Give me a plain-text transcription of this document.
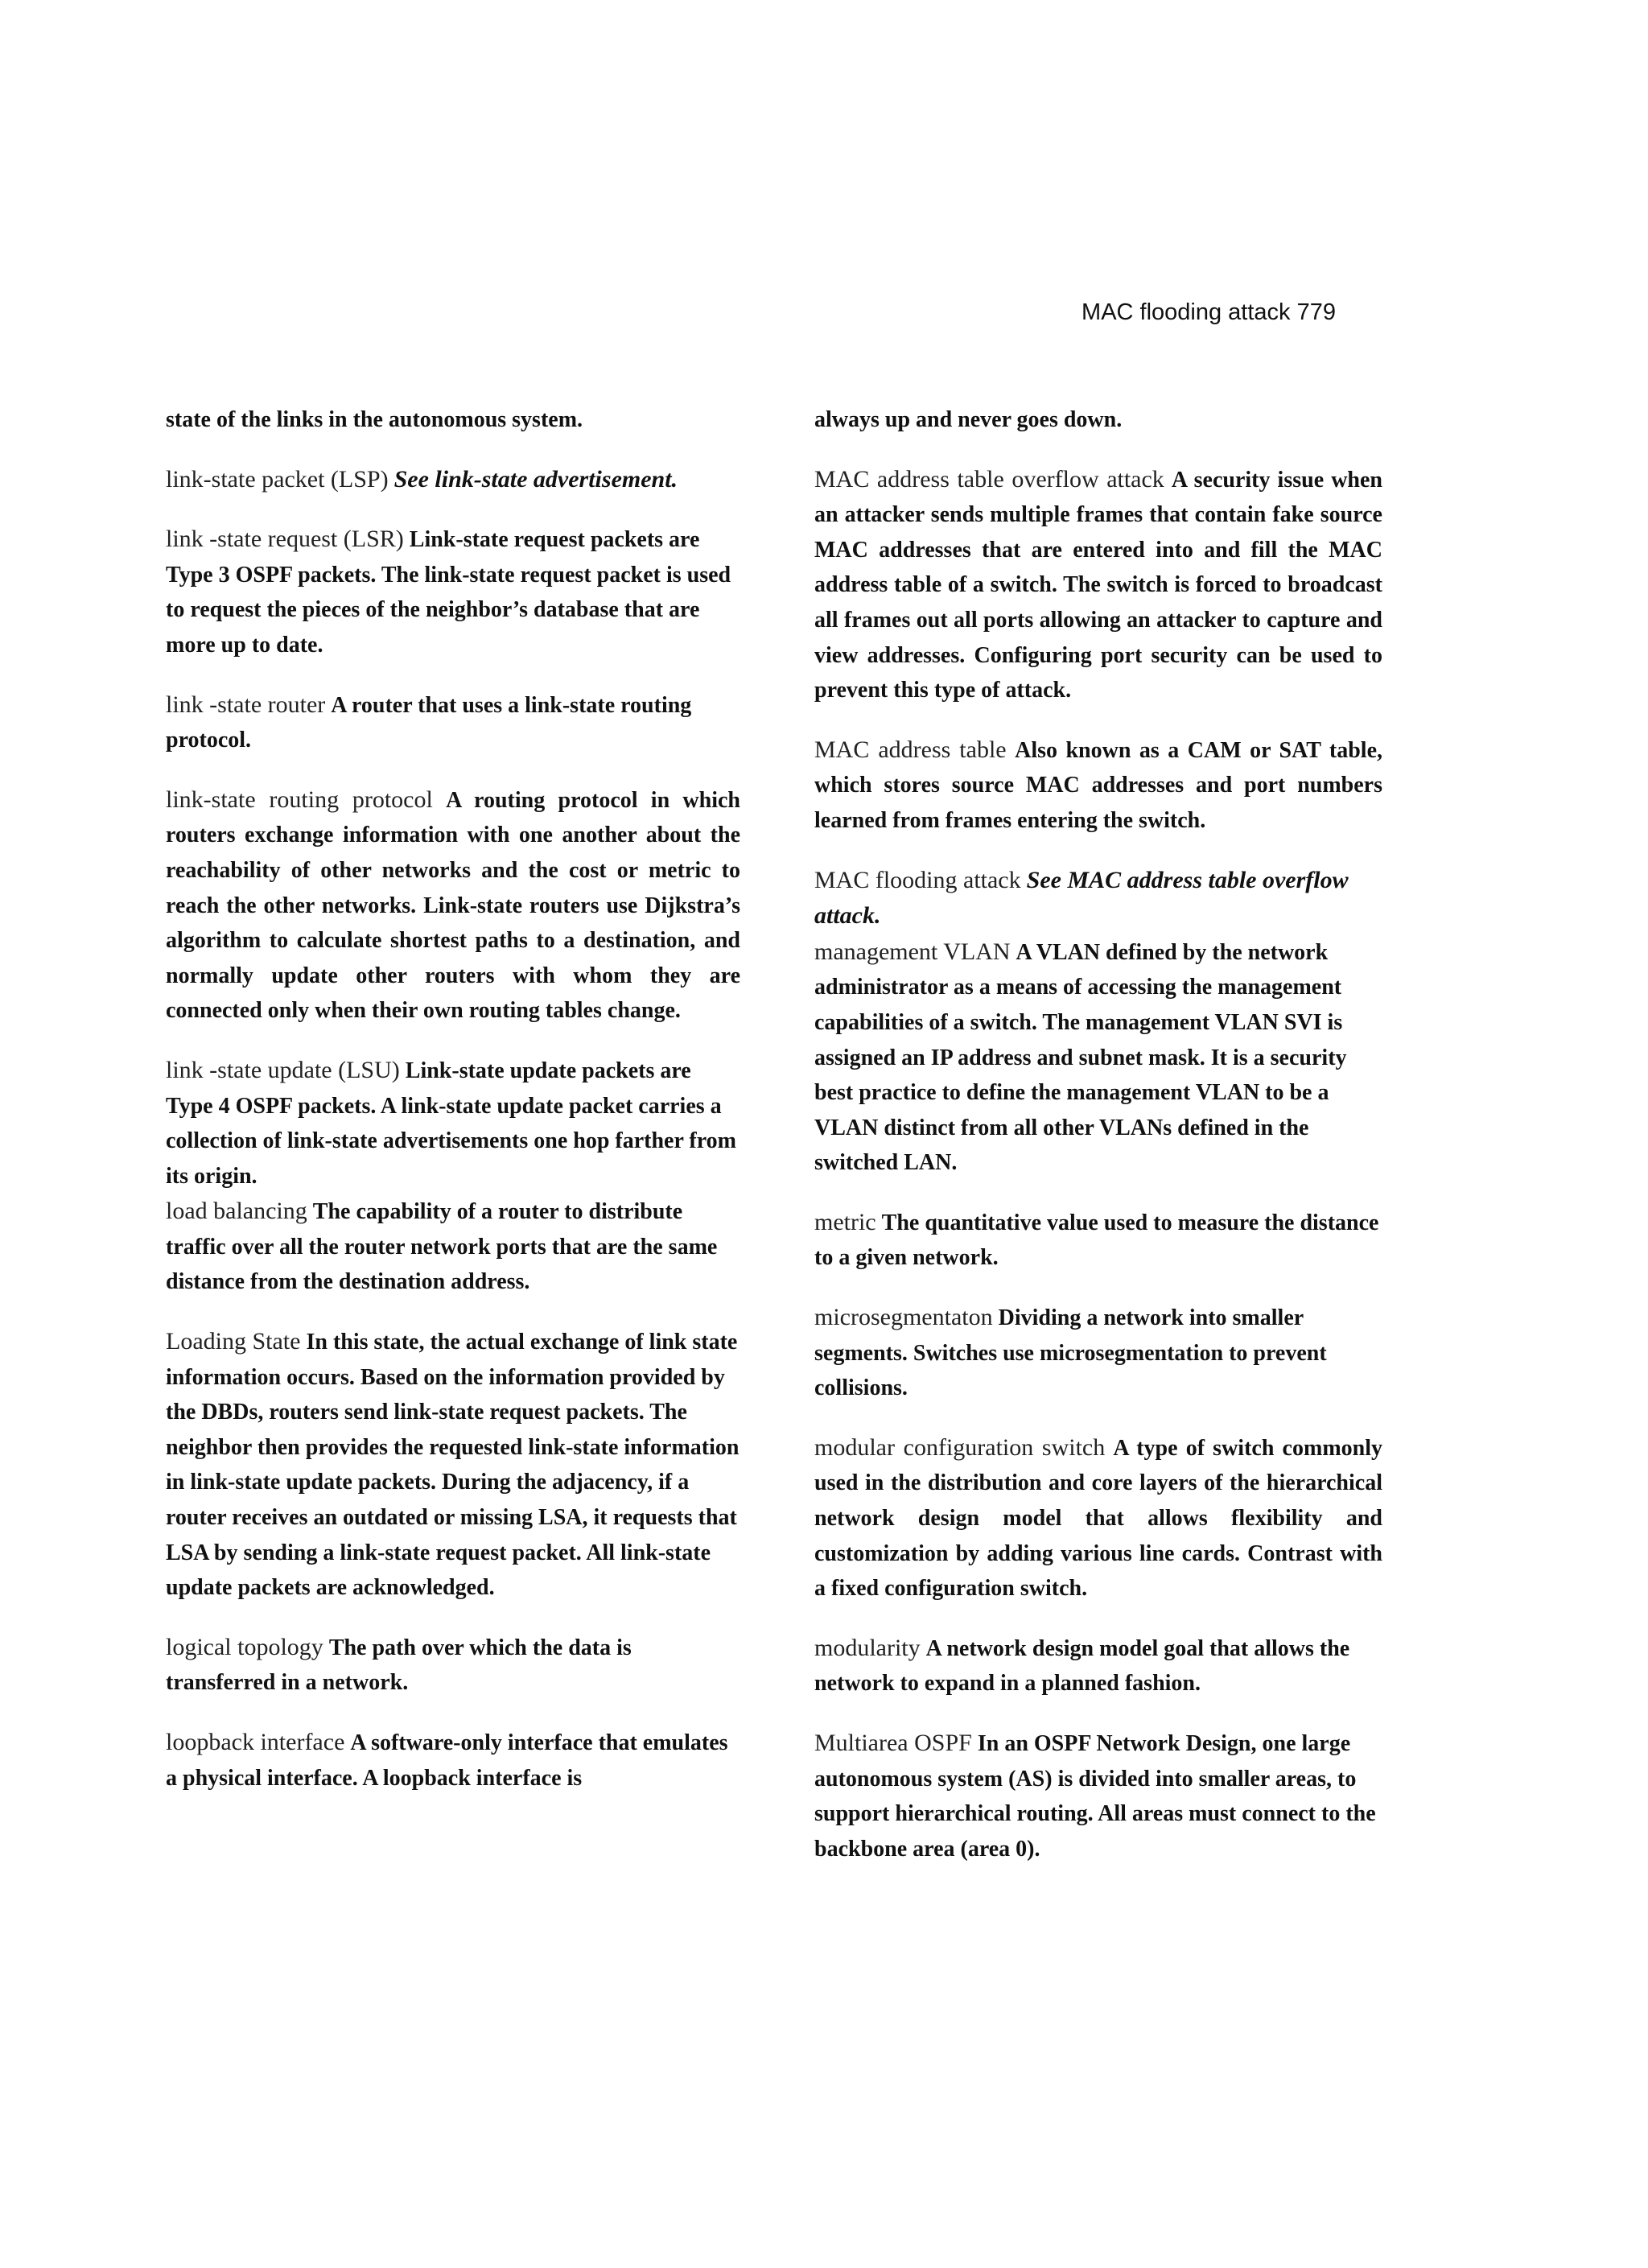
MAC flooding attack 779

state of the links in the autonomous system.

link-state packet (LSP) See link-state advertisement.

link -state request (LSR) Link-state request packets are Type 3 OSPF packets. The link-state request packet is used to request the pieces of the neighbor’s database that are more up to date.

link -state router A router that uses a link-state routing protocol.

link-state routing protocol A routing protocol in which routers exchange information with one another about the reachability of other networks and the cost or metric to reach the other networks. Link-state routers use Dijkstra’s algorithm to calculate shortest paths to a destination, and normally update other routers with whom they are connected only when their own routing tables change.

link -state update (LSU) Link-state update packets are Type 4 OSPF packets. A link-state update packet carries a collection of link-state advertisements one hop farther from its origin.

load balancing The capability of a router to distribute traffic over all the router network ports that are the same distance from the destination address.

Loading State In this state, the actual exchange of link state information occurs. Based on the information provided by the DBDs, routers send link-state request packets. The neighbor then provides the requested link-state information in link-state update packets. During the adjacency, if a router receives an outdated or missing LSA, it requests that LSA by sending a link-state request packet. All link-state update packets are acknowledged.

logical topology The path over which the data is transferred in a network.

loopback interface A software-only interface that emulates a physical interface. A loopback interface is

always up and never goes down.

MAC address table overflow attack A security issue when an attacker sends multiple frames that contain fake source MAC addresses that are entered into and fill the MAC address table of a switch. The switch is forced to broadcast all frames out all ports allowing an attacker to capture and view addresses. Configuring port security can be used to prevent this type of attack.

MAC address table Also known as a CAM or SAT table, which stores source MAC addresses and port numbers learned from frames entering the switch.

MAC flooding attack See MAC address table overflow attack.

management VLAN A VLAN defined by the network administrator as a means of accessing the management capabilities of a switch. The management VLAN SVI is assigned an IP address and subnet mask. It is a security best practice to define the management VLAN to be a VLAN distinct from all other VLANs defined in the switched LAN.

metric The quantitative value used to measure the distance to a given network.

microsegmentaton Dividing a network into smaller segments. Switches use microsegmentation to prevent collisions.

modular configuration switch A type of switch commonly used in the distribution and core layers of the hierarchical network design model that allows flexibility and customization by adding various line cards. Contrast with a fixed configuration switch.

modularity A network design model goal that allows the network to expand in a planned fashion.

Multiarea OSPF In an OSPF Network Design, one large autonomous system (AS) is divided into smaller areas, to support hierarchical routing. All areas must connect to the backbone area (area 0).
